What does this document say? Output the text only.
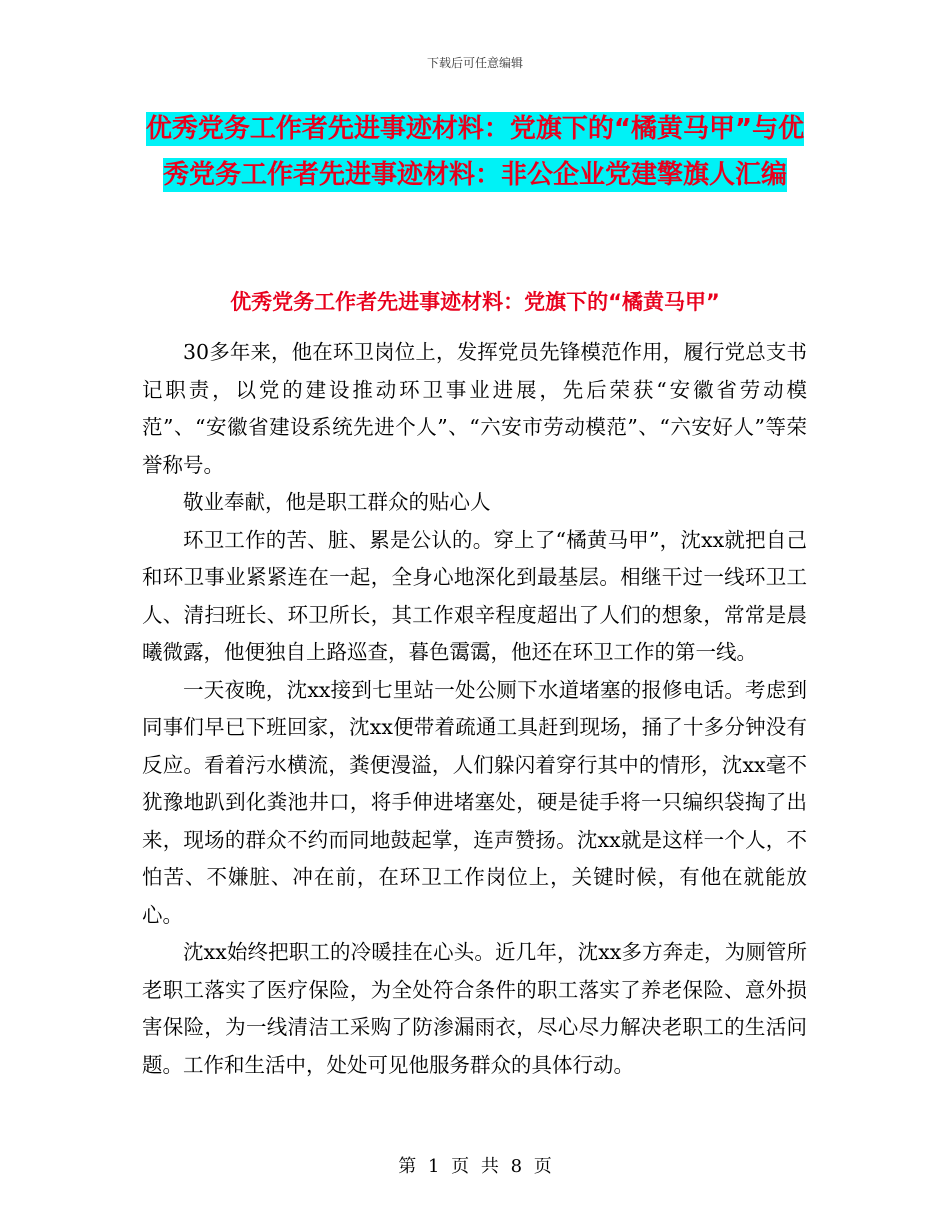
下载后可任意编辑
优秀党务工作者先进事迹材料：党旗下的“橘黄马甲”与优秀党务工作者先进事迹材料：非公企业党建擎旗人汇编
优秀党务工作者先进事迹材料：党旗下的“橘黄马甲”

30多年来，他在环卫岗位上，发挥党员先锋模范作用，履行党总支书记职责，以党的建设推动环卫事业进展，先后荣获“安徽省劳动模范”、“安徽省建设系统先进个人”、“六安市劳动模范”、“六安好人”等荣誉称号。

敬业奉献，他是职工群众的贴心人

环卫工作的苦、脏、累是公认的。穿上了“橘黄马甲”，沈xx就把自己和环卫事业紧紧连在一起，全身心地深化到最基层。相继干过一线环卫工人、清扫班长、环卫所长，其工作艰辛程度超出了人们的想象，常常是晨曦微露，他便独自上路巡查，暮色霭霭，他还在环卫工作的第一线。

一天夜晚，沈xx接到七里站一处公厕下水道堵塞的报修电话。考虑到同事们早已下班回家，沈xx便带着疏通工具赶到现场，捅了十多分钟没有反应。看着污水横流，粪便漫溢，人们躲闪着穿行其中的情形，沈xx毫不犹豫地趴到化粪池井口，将手伸进堵塞处，硬是徒手将一只编织袋掏了出来，现场的群众不约而同地鼓起掌，连声赞扬。沈xx就是这样一个人，不怕苦、不嫌脏、冲在前，在环卫工作岗位上，关键时候，有他在就能放心。

沈xx始终把职工的冷暖挂在心头。近几年，沈xx多方奔走，为厕管所老职工落实了医疗保险，为全处符合条件的职工落实了养老保险、意外损害保险，为一线清洁工采购了防渗漏雨衣，尽心尽力解决老职工的生活问题。工作和生活中，处处可见他服务群众的具体行动。

第 1 页 共 8 页
